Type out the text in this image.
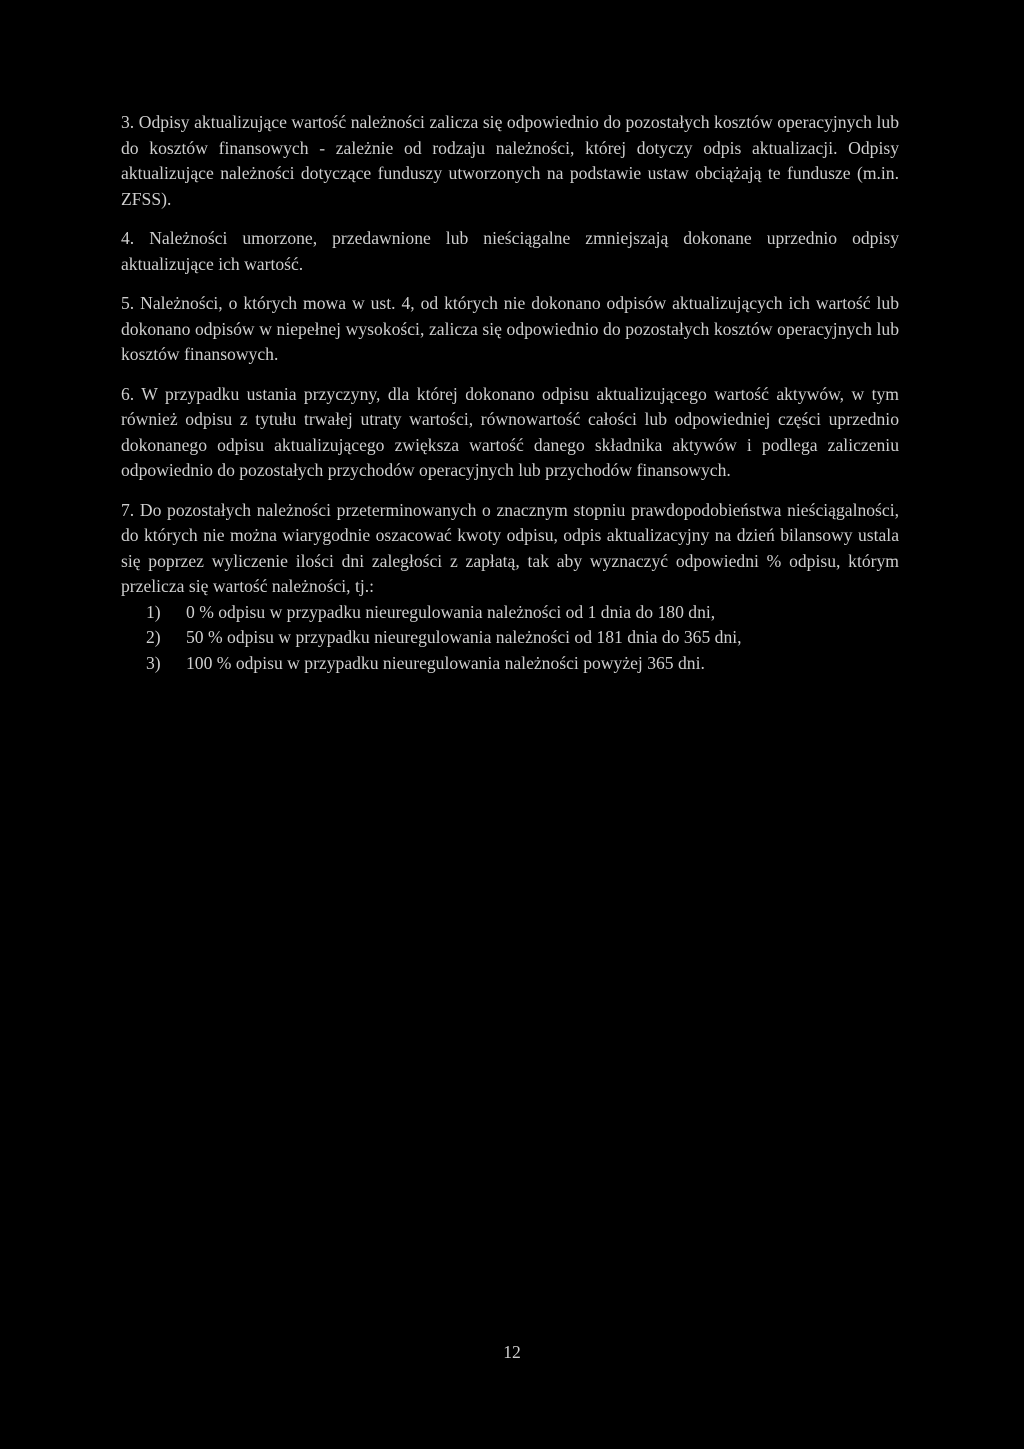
3. Odpisy aktualizujące wartość należności zalicza się odpowiednio do pozostałych kosztów operacyjnych lub do kosztów finansowych - zależnie od rodzaju należności, której dotyczy odpis aktualizacji. Odpisy aktualizujące należności dotyczące funduszy utworzonych na podstawie ustaw obciążają te fundusze (m.in. ZFSS).

4. Należności umorzone, przedawnione lub nieściągalne zmniejszają dokonane uprzednio odpisy aktualizujące ich wartość.

5. Należności, o których mowa w ust. 4, od których nie dokonano odpisów aktualizujących ich wartość lub dokonano odpisów w niepełnej wysokości, zalicza się odpowiednio do pozostałych kosztów operacyjnych lub kosztów finansowych.

6. W przypadku ustania przyczyny, dla której dokonano odpisu aktualizującego wartość aktywów, w tym również odpisu z tytułu trwałej utraty wartości, równowartość całości lub odpowiedniej części uprzednio dokonanego odpisu aktualizującego zwiększa wartość danego składnika aktywów i podlega zaliczeniu odpowiednio do pozostałych przychodów operacyjnych lub przychodów finansowych.

7. Do pozostałych należności przeterminowanych o znacznym stopniu prawdopodobieństwa nieściągalności, do których nie można wiarygodnie oszacować kwoty odpisu, odpis aktualizacyjny na dzień bilansowy ustala się poprzez wyliczenie ilości dni zaległości z zapłatą, tak aby wyznaczyć odpowiedni % odpisu, którym przelicza się wartość należności, tj.:

1)	0 % odpisu w przypadku nieuregulowania należności od 1 dnia do 180 dni,
2)	50 % odpisu w przypadku nieuregulowania należności od 181 dnia do 365 dni,
3)	100 % odpisu w przypadku nieuregulowania należności powyżej 365 dni.
12
